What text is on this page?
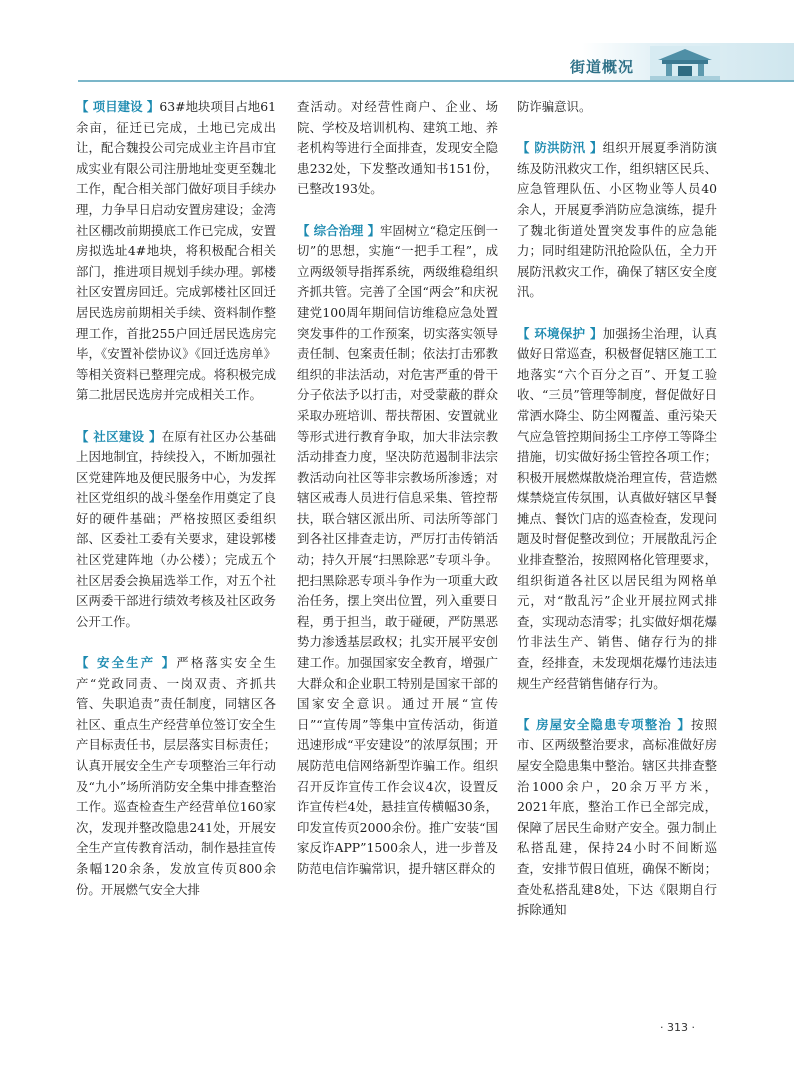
街道概况

【 项目建设 】63#地块项目占地61余亩，征迁已完成，土地已完成出让，配合魏投公司完成业主许昌市宜成实业有限公司注册地址变更至魏北工作，配合相关部门做好项目手续办理，力争早日启动安置房建设；金湾社区棚改前期摸底工作已完成，安置房拟选址4#地块，将积极配合相关部门，推进项目规划手续办理。郭楼社区安置房回迁。完成郭楼社区回迁居民选房前期相关手续、资料制作整理工作，首批255户回迁居民选房完毕，《安置补偿协议》《回迁选房单》等相关资料已整理完成。将积极完成第二批居民选房并完成相关工作。

【 社区建设 】在原有社区办公基础上因地制宜，持续投入，不断加强社区党建阵地及便民服务中心，为发挥社区党组织的战斗堡垒作用奠定了良好的硬件基础；严格按照区委组织部、区委社工委有关要求，建设郭楼社区党建阵地（办公楼）；完成五个社区居委会换届选举工作，对五个社区两委干部进行绩效考核及社区政务公开工作。

【 安全生产 】严格落实安全生产“党政同责、一岗双责、齐抓共管、失职追责”责任制度，同辖区各社区、重点生产经营单位签订安全生产目标责任书，层层落实目标责任；认真开展安全生产专项整治三年行动及“九小”场所消防安全集中排查整治工作。巡查检查生产经营单位160家次，发现并整改隐患241处，开展安全生产宣传教育活动，制作悬挂宣传条幅120余条，发放宣传页800余份。开展燃气安全大排

查活动。对经营性商户、企业、场院、学校及培训机构、建筑工地、养老机构等进行全面排查，发现安全隐患232处，下发整改通知书151份，已整改193处。

【 综合治理 】牢固树立“稳定压倒一切”的思想，实施“一把手工程”，成立两级领导指挥系统，两级维稳组织齐抓共管。完善了全国“两会”和庆祝建党100周年期间信访维稳应急处置突发事件的工作预案，切实落实领导责任制、包案责任制；依法打击邪教组织的非法活动，对危害严重的骨干分子依法予以打击，对受蒙蔽的群众采取办班培训、帮扶帮困、安置就业等形式进行教育争取，加大非法宗教活动排查力度，坚决防范遏制非法宗教活动向社区等非宗教场所渗透；对辖区戒毒人员进行信息采集、管控帮扶，联合辖区派出所、司法所等部门到各社区排查走访，严厉打击传销活动；持久开展“扫黑除恶”专项斗争。把扫黑除恶专项斗争作为一项重大政治任务，摆上突出位置，列入重要日程，勇于担当，敢于碰硬，严防黑恶势力渗透基层政权；扎实开展平安创建工作。加强国家安全教育，增强广大群众和企业职工特别是国家干部的国家安全意识。通过开展“宣传日”“宣传周”等集中宣传活动，街道迅速形成“平安建设”的浓厚氛围；开展防范电信网络新型诈骗工作。组织召开反诈宣传工作会议4次，设置反诈宣传栏4处，悬挂宣传横幅30条，印发宣传页2000余份。推广安装“国家反诈APP”1500余人，进一步普及防范电信诈骗常识，提升辖区群众的

防诈骗意识。

【 防洪防汛 】组织开展夏季消防演练及防汛救灾工作，组织辖区民兵、应急管理队伍、小区物业等人员40余人，开展夏季消防应急演练，提升了魏北街道处置突发事件的应急能力；同时组建防汛抢险队伍，全力开展防汛救灾工作，确保了辖区安全度汛。

【 环境保护 】加强扬尘治理，认真做好日常巡查，积极督促辖区施工工地落实“六个百分之百”、开复工验收、“三员”管理等制度，督促做好日常洒水降尘、防尘网覆盖、重污染天气应急管控期间扬尘工序停工等降尘措施，切实做好扬尘管控各项工作；积极开展燃煤散烧治理宣传，营造燃煤禁烧宣传氛围，认真做好辖区早餐摊点、餐饮门店的巡查检查，发现问题及时督促整改到位；开展散乱污企业排查整治，按照网格化管理要求，组织街道各社区以居民组为网格单元，对“散乱污”企业开展拉网式排查，实现动态清零；扎实做好烟花爆竹非法生产、销售、储存行为的排查，经排查，未发现烟花爆竹违法违规生产经营销售储存行为。

【 房屋安全隐患专项整治 】按照市、区两级整治要求，高标准做好房屋安全隐患集中整治。辖区共排查整治1000余户，20余万平方米，2021年底，整治工作已全部完成，保障了居民生命财产安全。强力制止私搭乱建，保持24小时不间断巡查，安排节假日值班，确保不断岗；查处私搭乱建8处，下达《限期自行拆除通知

· 313 ·
